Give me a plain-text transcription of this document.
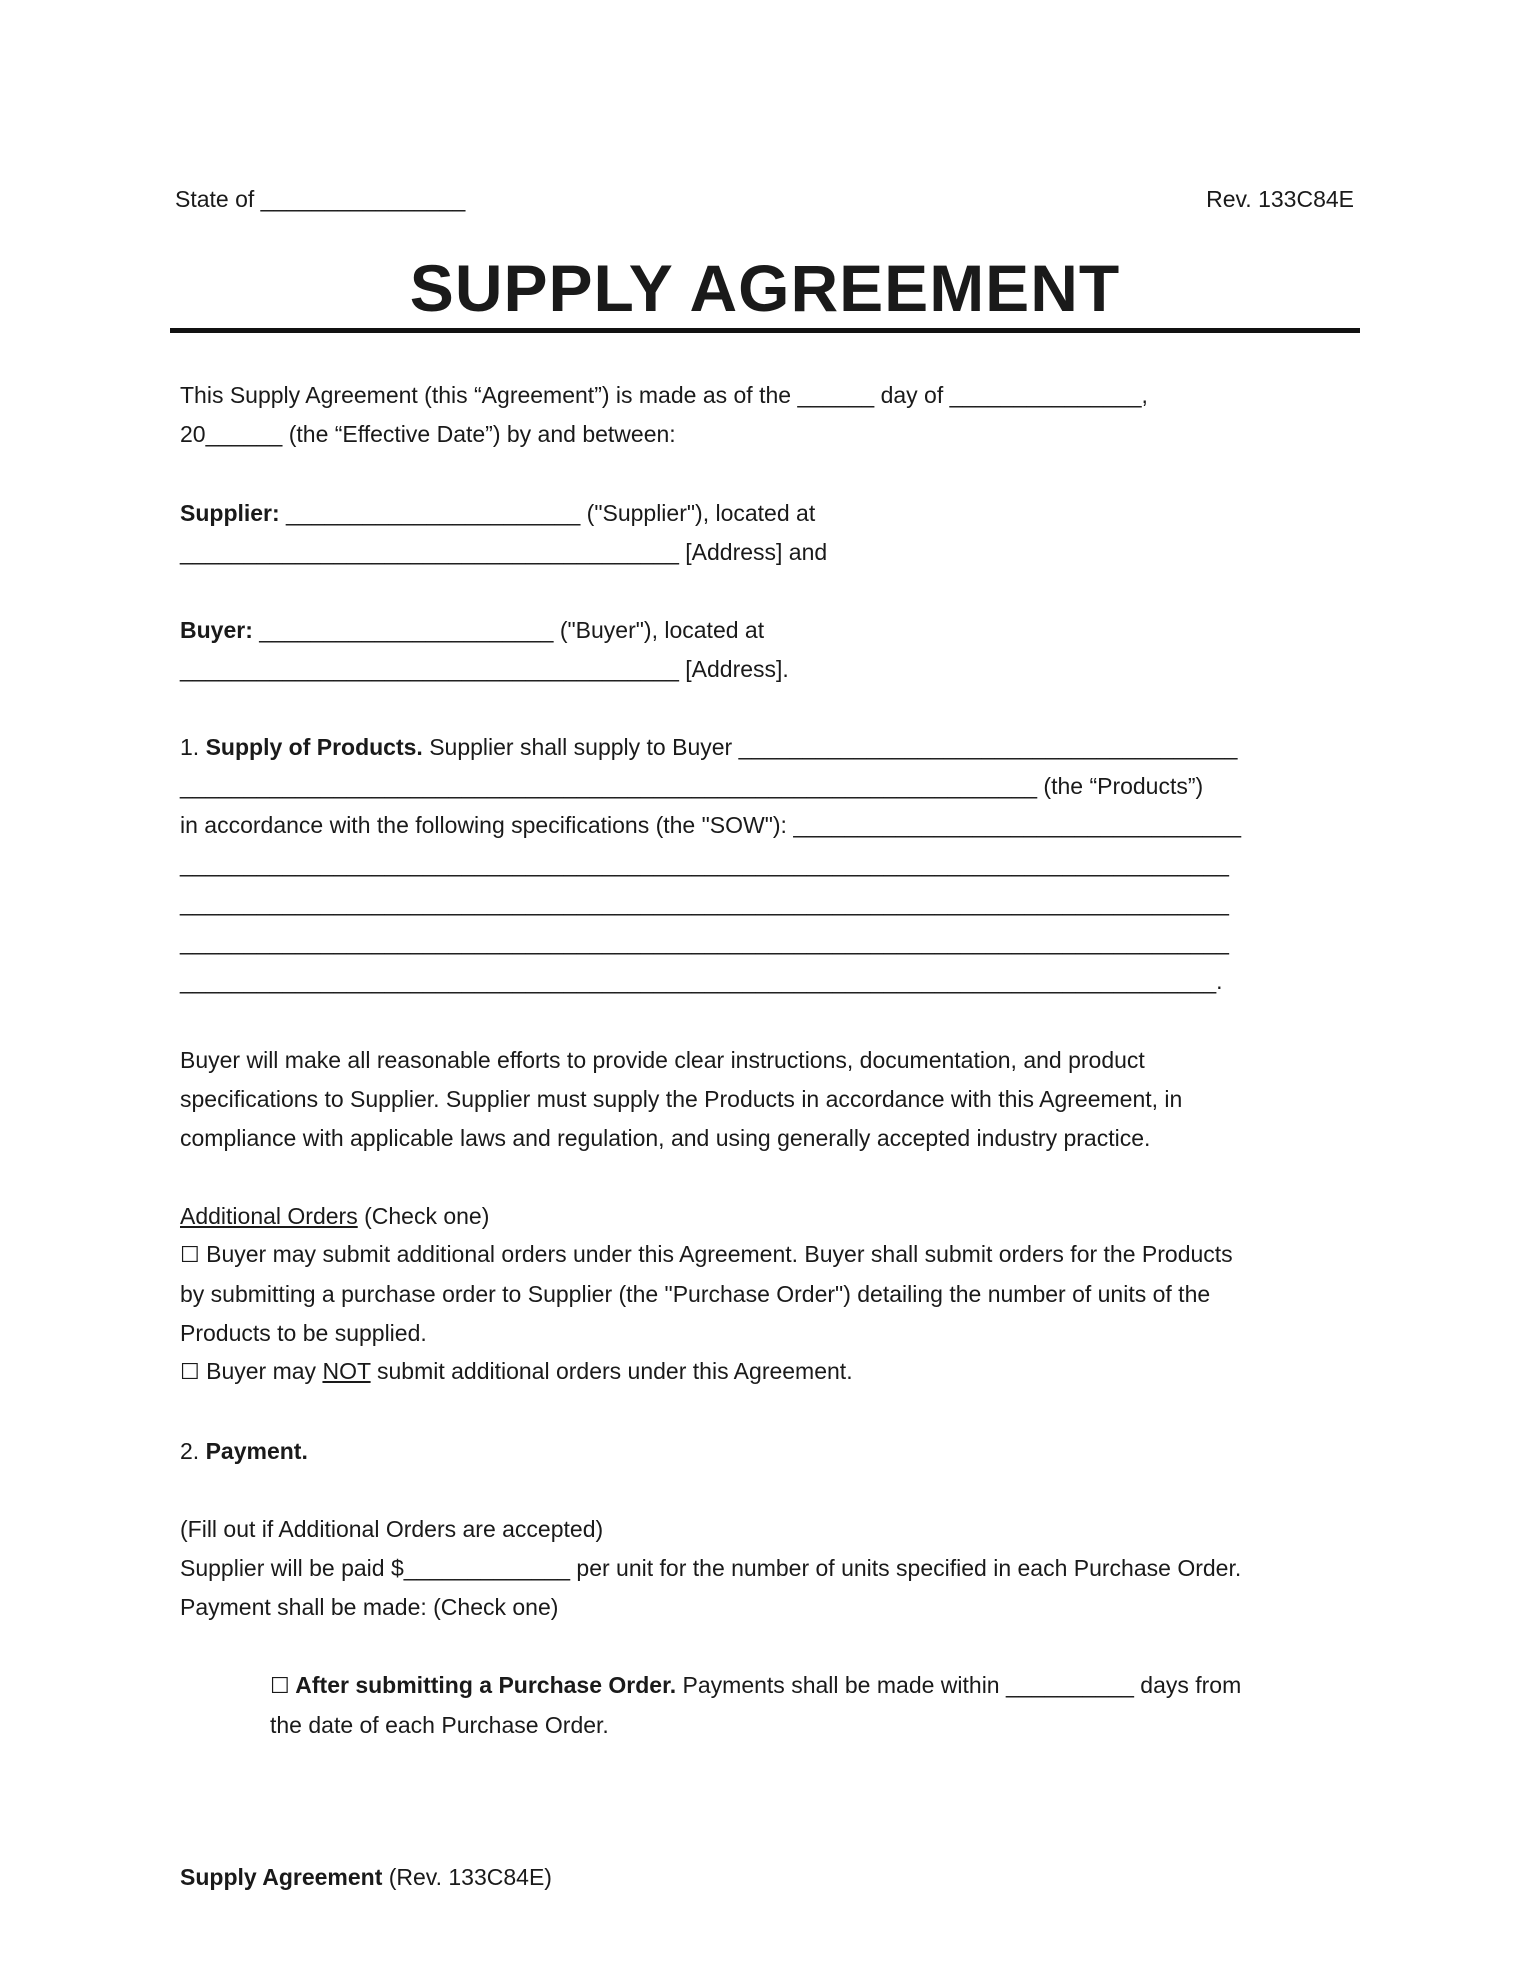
State of ________________	Rev. 133C84E
SUPPLY AGREEMENT
This Supply Agreement (this “Agreement”) is made as of the ______ day of _______________,
20______ (the “Effective Date”) by and between:
Supplier: _______________________ ("Supplier"), located at
_______________________________________ [Address] and
Buyer: _______________________ ("Buyer"), located at
_______________________________________ [Address].
1. Supply of Products. Supplier shall supply to Buyer _______________________________________
___________________________________________________________________ (the “Products”)
in accordance with the following specifications (the "SOW"): ___________________________________
__________________________________________________________________________________
__________________________________________________________________________________
__________________________________________________________________________________
_________________________________________________________________________________.
Buyer will make all reasonable efforts to provide clear instructions, documentation, and product
specifications to Supplier. Supplier must supply the Products in accordance with this Agreement, in
compliance with applicable laws and regulation, and using generally accepted industry practice.
Additional Orders (Check one)
☐ Buyer may submit additional orders under this Agreement. Buyer shall submit orders for the Products
by submitting a purchase order to Supplier (the "Purchase Order") detailing the number of units of the
Products to be supplied.
☐ Buyer may NOT submit additional orders under this Agreement.
2. Payment.
(Fill out if Additional Orders are accepted)
Supplier will be paid $_____________ per unit for the number of units specified in each Purchase Order.
Payment shall be made: (Check one)
☐ After submitting a Purchase Order. Payments shall be made within __________ days from
the date of each Purchase Order.
Supply Agreement (Rev. 133C84E)
